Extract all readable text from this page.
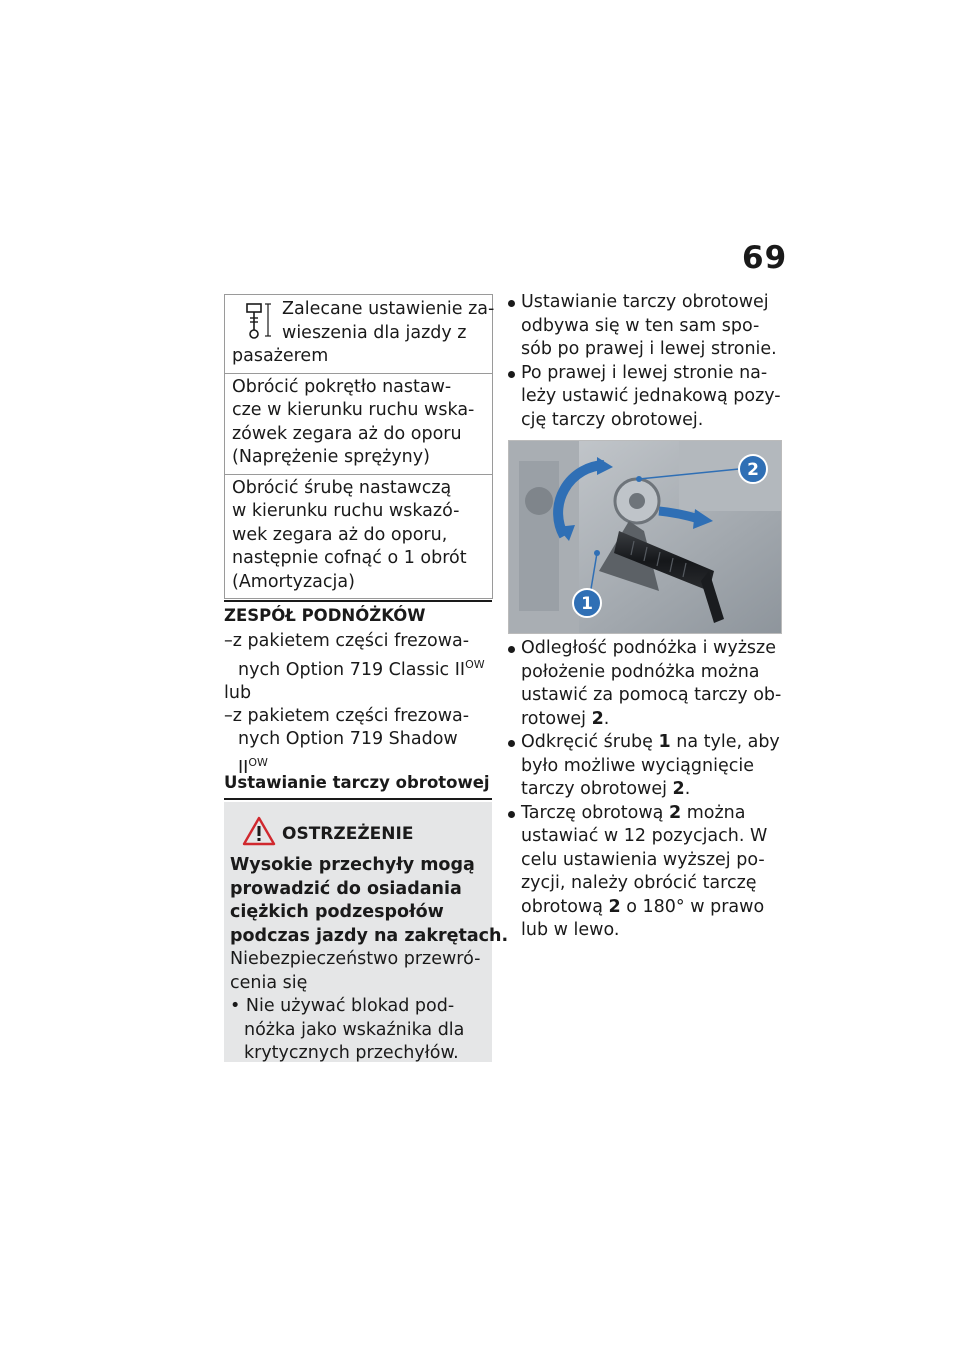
69
Zalecane ustawienie za-
wieszenia dla jazdy z
pasażerem
Obrócić pokrętło nastaw-
cze w kierunku ruchu wska-
zówek zegara aż do oporu
(Naprężenie sprężyny)
Obrócić śrubę nastawczą
w kierunku ruchu wskazó-
wek zegara aż do oporu,
następnie cofnąć o 1 obrót
(Amortyzacja)
ZESPÓŁ PODNÓŻKÓW
–z pakietem części frezowa-
nych Option 719 Classic $II^{OW}$
lub
–z pakietem części frezowa-
nych Option 719 Shadow
$II^{OW}$
Ustawianie tarczy obrotowej
OSTRZEŻENIE
Wysokie przechyły mogą
prowadzić do osiadania
ciężkich podzespołów
podczas jazdy na zakrętach.
Niebezpieczeństwo przewró-
cenia się
• Nie używać blokad pod-
nóżka jako wskaźnika dla
krytycznych przechyłów.
Ustawianie tarczy obrotowej
odbywa się w ten sam spo-
sób po prawej i lewej stronie.
Po prawej i lewej stronie na-
leży ustawić jednakową pozy-
cję tarczy obrotowej.
2
1
Odległość podnóżka i wyższe
położenie podnóżka można
ustawić za pomocą tarczy ob-
rotowej 2.
Odkręcić śrubę 1 na tyle, aby
było możliwe wyciągnięcie
tarczy obrotowej 2.
Tarczę obrotową 2 można
ustawiać w 12 pozycjach. W
celu ustawienia wyższej po-
zycji, należy obrócić tarczę
obrotową 2 o 180° w prawo
lub w lewo.
